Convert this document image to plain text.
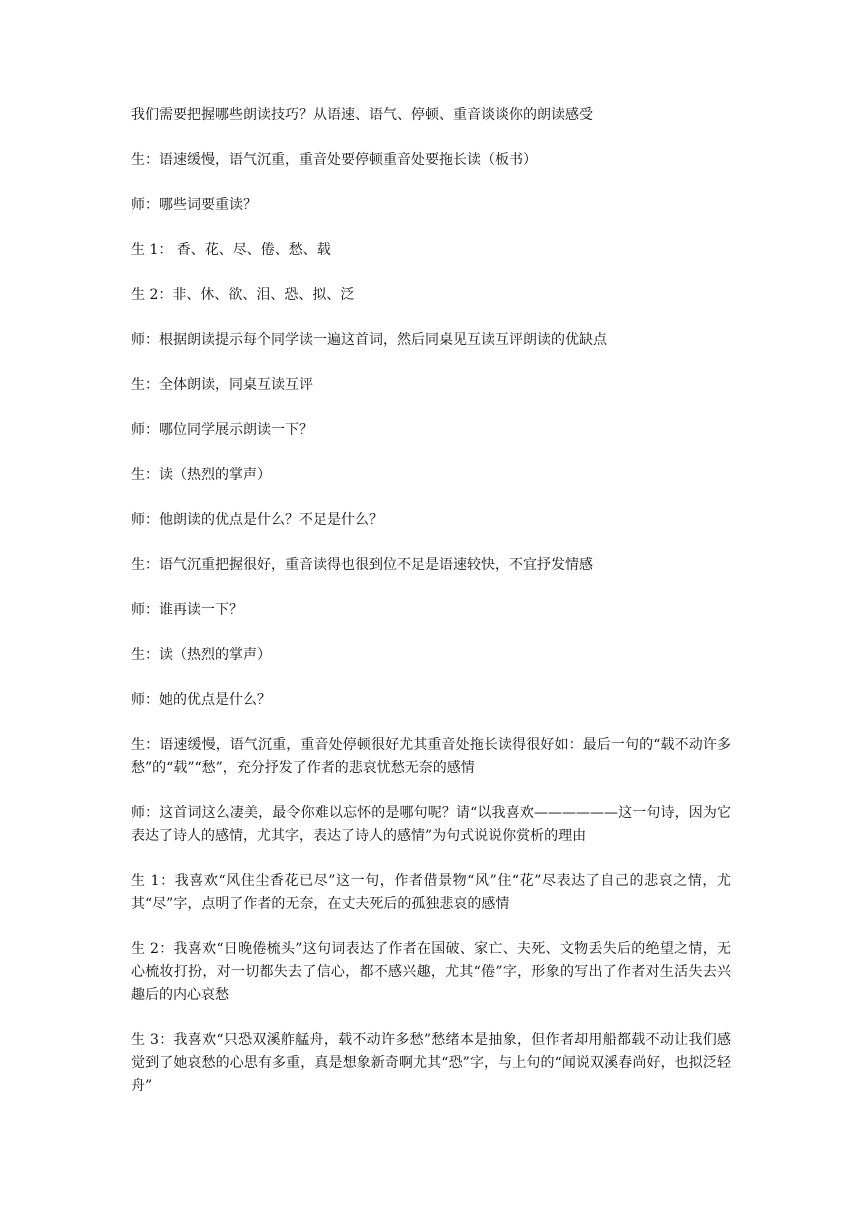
我们需要把握哪些朗读技巧？从语速、语气、停顿、重音谈谈你的朗读感受

生：语速缓慢，语气沉重，重音处要停顿重音处要拖长读（板书）

师：哪些词要重读？

生 1： 香、花、尽、倦、愁、载

生 2：非、休、欲、泪、恐、拟、泛

师：根据朗读提示每个同学读一遍这首词，然后同桌见互读互评朗读的优缺点

生：全体朗读，同桌互读互评

师：哪位同学展示朗读一下？

生：读（热烈的掌声）

师：他朗读的优点是什么？不足是什么？

生：语气沉重把握很好，重音读得也很到位不足是语速较快，不宜抒发情感

师：谁再读一下？

生：读（热烈的掌声）

师：她的优点是什么？

生：语速缓慢，语气沉重，重音处停顿很好尤其重音处拖长读得很好如：最后一句的“载不动许多愁”的“载”“愁”，充分抒发了作者的悲哀忧愁无奈的感情

师：这首词这么凄美，最令你难以忘怀的是哪句呢？请“以我喜欢——————这一句诗，因为它表达了诗人的感情，尤其字，表达了诗人的感情”为句式说说你赏析的理由

生 1：我喜欢“风住尘香花已尽”这一句，作者借景物“风”住“花”尽表达了自己的悲哀之情，尤其“尽”字，点明了作者的无奈，在丈夫死后的孤独悲哀的感情

生 2：我喜欢“日晚倦梳头”这句词表达了作者在国破、家亡、夫死、文物丢失后的绝望之情，无心梳妆打扮，对一切都失去了信心，都不感兴趣，尤其“倦”字，形象的写出了作者对生活失去兴趣后的内心哀愁

生 3：我喜欢“只恐双溪舴艋舟，载不动许多愁”愁绪本是抽象，但作者却用船都载不动让我们感觉到了她哀愁的心思有多重，真是想象新奇啊尤其“恐”字，与上句的“闻说双溪春尚好，也拟泛轻舟”
